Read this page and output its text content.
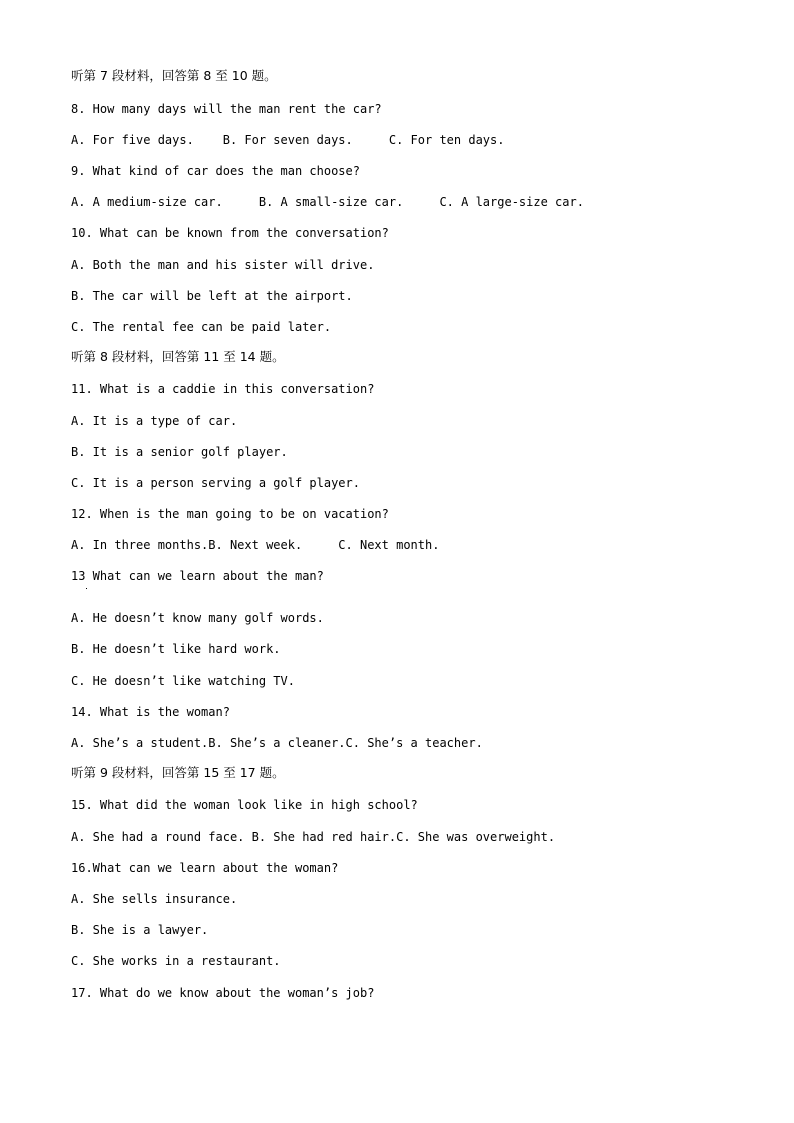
听第 7 段材料，回答第 8 至 10 题。
8. How many days will the man rent the car?
A. For five days.    B. For seven days.     C. For ten days.
9. What kind of car does the man choose?
A. A medium-size car.     B. A small-size car.     C. A large-size car.
10. What can be known from the conversation?
A. Both the man and his sister will drive.
B. The car will be left at the airport.
C. The rental fee can be paid later.
听第 8 段材料，回答第 11 至 14 题。
11. What is a caddie in this conversation?
A. It is a type of car.
B. It is a senior golf player.
C. It is a person serving a golf player.
12. When is the man going to be on vacation?
A. In three months.B. Next week.     C. Next month.
13 What can we learn about the man?
A. He doesn’t know many golf words.
B. He doesn’t like hard work.
C. He doesn’t like watching TV.
14. What is the woman?
A. She’s a student.B. She’s a cleaner.C. She’s a teacher.
听第 9 段材料，回答第 15 至 17 题。
15. What did the woman look like in high school?
A. She had a round face. B. She had red hair.C. She was overweight.
16.What can we learn about the woman?
A. She sells insurance.
B. She is a lawyer.
C. She works in a restaurant.
17. What do we know about the woman’s job?
